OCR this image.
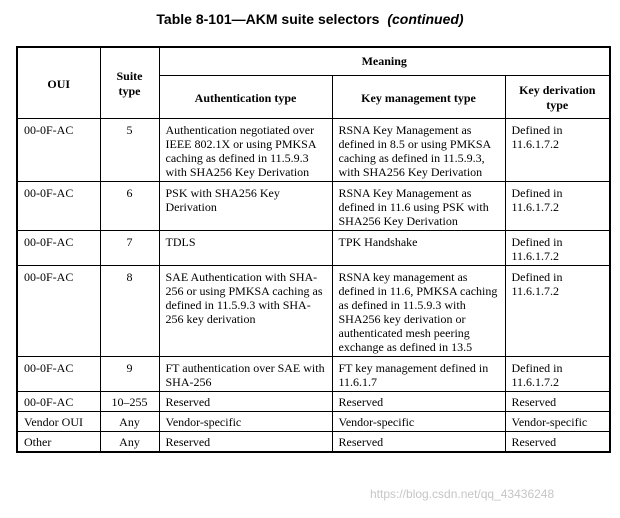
Table 8-101—AKM suite selectors (continued)
OUI	Suite type	Meaning		
		Authentication type	Key management type	Key derivation type
00-0F-AC	5	Authentication negotiated over IEEE 802.1X or using PMKSA caching as defined in 11.5.9.3 with SHA256 Key Derivation	RSNA Key Management as defined in 8.5 or using PMKSA caching as defined in 11.5.9.3, with SHA256 Key Derivation	Defined in 11.6.1.7.2
00-0F-AC	6	PSK with SHA256 Key Derivation	RSNA Key Management as defined in 11.6 using PSK with SHA256 Key Derivation	Defined in 11.6.1.7.2
00-0F-AC	7	TDLS	TPK Handshake	Defined in 11.6.1.7.2
00-0F-AC	8	SAE Authentication with SHA-256 or using PMKSA caching as defined in 11.5.9.3 with SHA-256 key derivation	RSNA key management as defined in 11.6, PMKSA caching as defined in 11.5.9.3 with SHA256 key derivation or authenticated mesh peering exchange as defined in 13.5	Defined in 11.6.1.7.2
00-0F-AC	9	FT authentication over SAE with SHA-256	FT key management defined in 11.6.1.7	Defined in 11.6.1.7.2
00-0F-AC	10–255	Reserved	Reserved	Reserved
Vendor OUI	Any	Vendor-specific	Vendor-specific	Vendor-specific
Other	Any	Reserved	Reserved	Reserved
https://blog.csdn.net/qq_43436248
